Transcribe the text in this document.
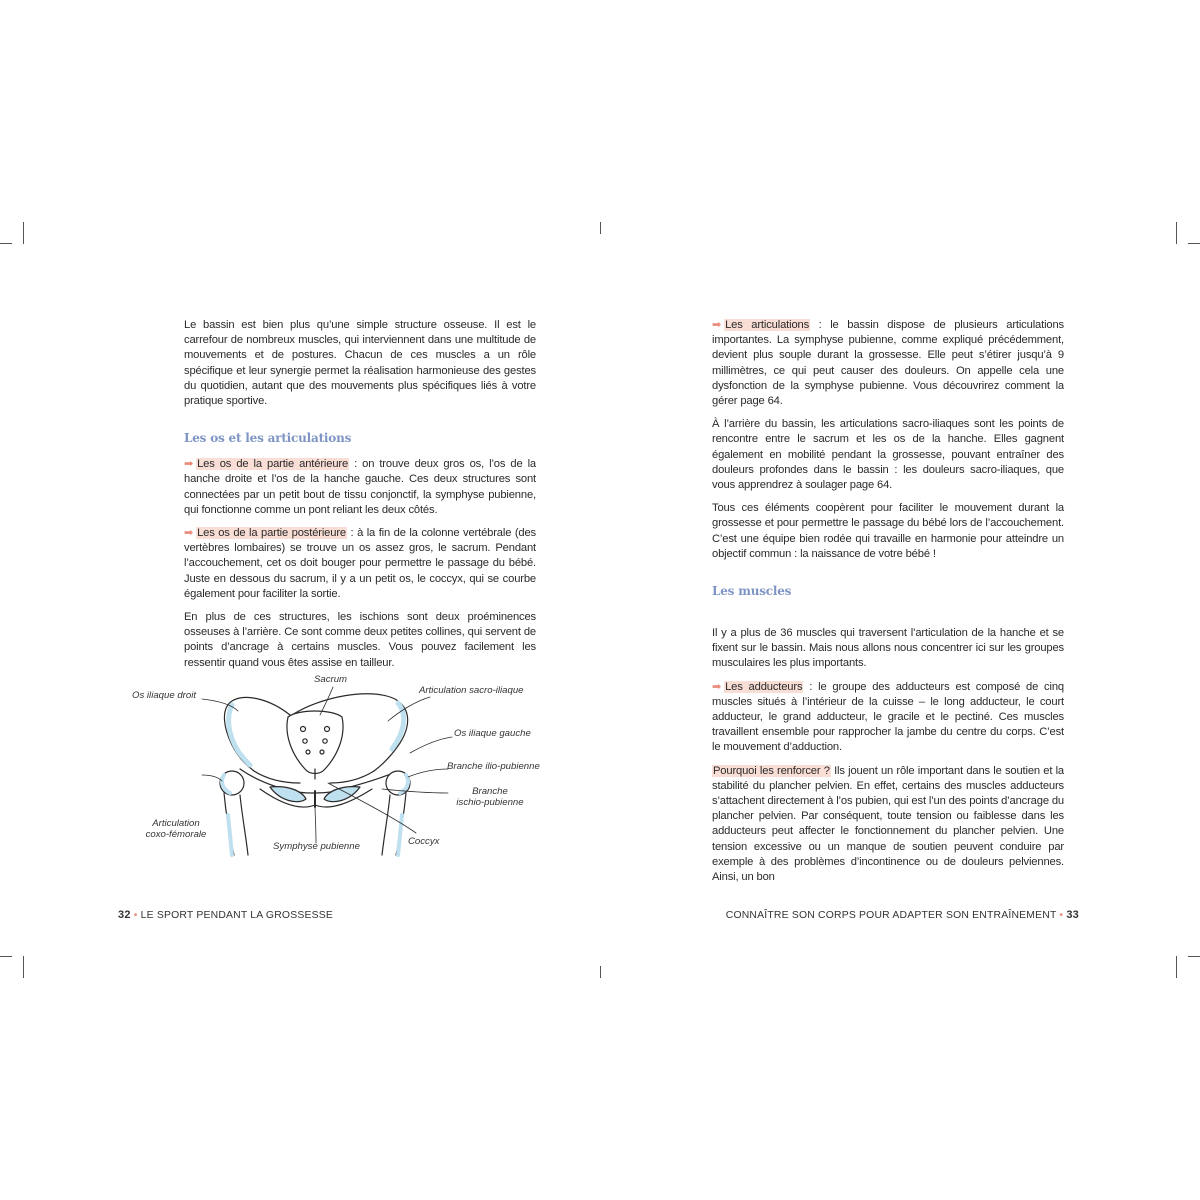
Le bassin est bien plus qu’une simple structure osseuse. Il est le carrefour de nombreux muscles, qui interviennent dans une multitude de mouvements et de postures. Chacun de ces muscles a un rôle spécifique et leur synergie permet la réalisation harmonieuse des gestes du quotidien, autant que des mouvements plus spécifiques liés à votre pratique sportive.

Les os et les articulations

➡ Les os de la partie antérieure : on trouve deux gros os, l’os de la hanche droite et l’os de la hanche gauche. Ces deux structures sont connectées par un petit bout de tissu conjonctif, la symphyse pubienne, qui fonctionne comme un pont reliant les deux côtés.

➡ Les os de la partie postérieure : à la fin de la colonne vertébrale (des vertèbres lombaires) se trouve un os assez gros, le sacrum. Pendant l’accouchement, cet os doit bouger pour permettre le passage du bébé. Juste en dessous du sacrum, il y a un petit os, le coccyx, qui se courbe également pour faciliter la sortie.

En plus de ces structures, les ischions sont deux proéminences osseuses à l’arrière. Ce sont comme deux petites collines, qui servent de points d’ancrage à certains muscles. Vous pouvez facilement les ressentir quand vous êtes assise en tailleur.

Sacrum
Os iliaque droit	Articulation sacro-iliaque
Os iliaque gauche
Branche ilio-pubienne
Branche
ischio-pubienne
Articulation
coxo-fémorale
Symphyse pubienne	Coccyx
32 • LE SPORT PENDANT LA GROSSESSE

➡ Les articulations : le bassin dispose de plusieurs articulations importantes. La symphyse pubienne, comme expliqué précédemment, devient plus souple durant la grossesse. Elle peut s’étirer jusqu’à 9 millimètres, ce qui peut causer des douleurs. On appelle cela une dysfonction de la symphyse pubienne. Vous découvrirez comment la gérer page 64.

À l’arrière du bassin, les articulations sacro-iliaques sont les points de rencontre entre le sacrum et les os de la hanche. Elles gagnent également en mobilité pendant la grossesse, pouvant entraîner des douleurs profondes dans le bassin : les douleurs sacro-iliaques, que vous apprendrez à soulager page 64.

Tous ces éléments coopèrent pour faciliter le mouvement durant la grossesse et pour permettre le passage du bébé lors de l’accouchement. C’est une équipe bien rodée qui travaille en harmonie pour atteindre un objectif commun : la naissance de votre bébé !

Les muscles

Il y a plus de 36 muscles qui traversent l’articulation de la hanche et se fixent sur le bassin. Mais nous allons nous concentrer ici sur les groupes musculaires les plus importants.

➡ Les adducteurs : le groupe des adducteurs est composé de cinq muscles situés à l’intérieur de la cuisse – le long adducteur, le court adducteur, le grand adducteur, le gracile et le pectiné. Ces muscles travaillent ensemble pour rapprocher la jambe du centre du corps. C’est le mouvement d’adduction.

Pourquoi les renforcer ? Ils jouent un rôle important dans le soutien et la stabilité du plancher pelvien. En effet, certains des muscles adducteurs s’attachent directement à l’os pubien, qui est l’un des points d’ancrage du plancher pelvien. Par conséquent, toute tension ou faiblesse dans les adducteurs peut affecter le fonctionnement du plancher pelvien. Une tension excessive ou un manque de soutien peuvent conduire par exemple à des problèmes d’incontinence ou de douleurs pelviennes. Ainsi, un bon

CONNAÎTRE SON CORPS POUR ADAPTER SON ENTRAÎNEMENT • 33
